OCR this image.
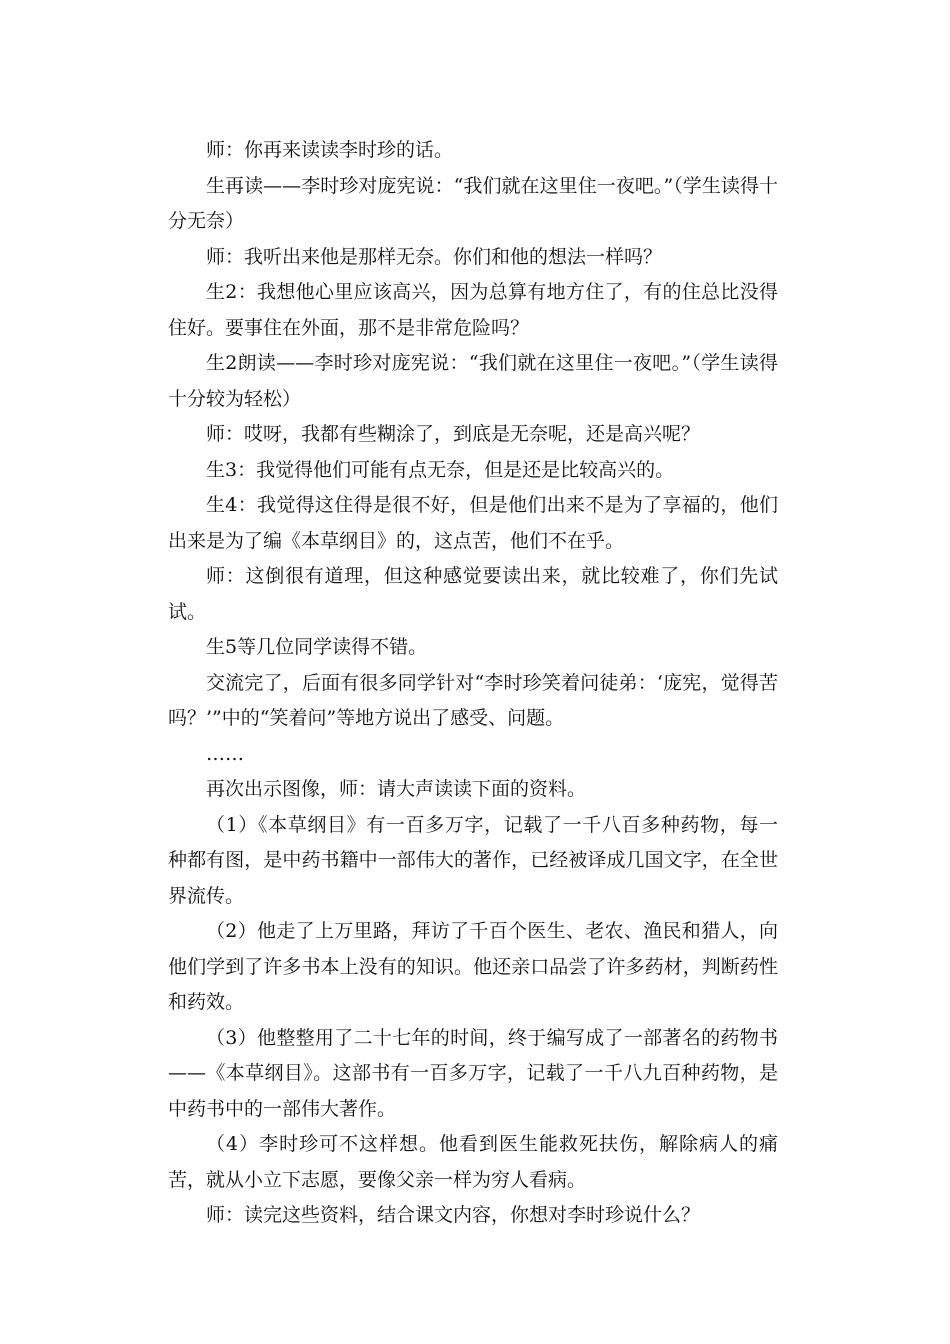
师：你再来读读李时珍的话。

生再读——李时珍对庞宪说：“我们就在这里住一夜吧。”（学生读得十分无奈）

师：我听出来他是那样无奈。你们和他的想法一样吗？

生2：我想他心里应该高兴，因为总算有地方住了，有的住总比没得住好。要事住在外面，那不是非常危险吗？

生2朗读——李时珍对庞宪说：“我们就在这里住一夜吧。”（学生读得十分较为轻松）

师：哎呀，我都有些糊涂了，到底是无奈呢，还是高兴呢？

生3：我觉得他们可能有点无奈，但是还是比较高兴的。

生4：我觉得这住得是很不好，但是他们出来不是为了享福的，他们出来是为了编《本草纲目》的，这点苦，他们不在乎。

师：这倒很有道理，但这种感觉要读出来，就比较难了，你们先试试。

生5等几位同学读得不错。

交流完了，后面有很多同学针对“李时珍笑着问徒弟：‘庞宪，觉得苦吗？’”中的“笑着问”等地方说出了感受、问题。

……

再次出示图像，师：请大声读读下面的资料。

（1）《本草纲目》有一百多万字，记载了一千八百多种药物，每一种都有图，是中药书籍中一部伟大的著作，已经被译成几国文字，在全世界流传。

（2）他走了上万里路，拜访了千百个医生、老农、渔民和猎人，向他们学到了许多书本上没有的知识。他还亲口品尝了许多药材，判断药性和药效。

（3）他整整用了二十七年的时间，终于编写成了一部著名的药物书——《本草纲目》。这部书有一百多万字，记载了一千八九百种药物，是中药书中的一部伟大著作。

（4）李时珍可不这样想。他看到医生能救死扶伤，解除病人的痛苦，就从小立下志愿，要像父亲一样为穷人看病。

师：读完这些资料，结合课文内容，你想对李时珍说什么？
